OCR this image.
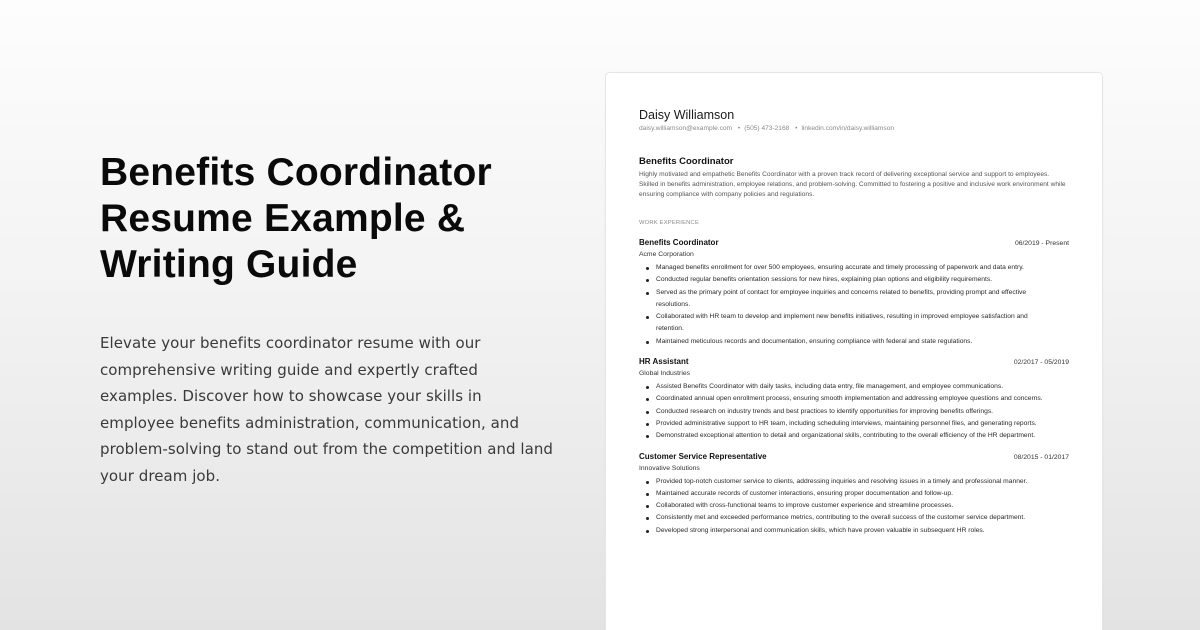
Benefits Coordinator
Resume Example &
Writing Guide

Elevate your benefits coordinator resume with our comprehensive writing guide and expertly crafted examples. Discover how to showcase your skills in employee benefits administration, communication, and problem-solving to stand out from the competition and land your dream job.

Daisy Williamson
daisy.williamson@example.com • (505) 473-2168 • linkedin.com/in/daisy.williamson
Benefits Coordinator

Highly motivated and empathetic Benefits Coordinator with a proven track record of delivering exceptional service and support to employees. Skilled in benefits administration, employee relations, and problem-solving. Committed to fostering a positive and inclusive work environment while ensuring compliance with company policies and regulations.

WORK EXPERIENCE
Benefits Coordinator	06/2019 - Present
Acme Corporation
Managed benefits enrollment for over 500 employees, ensuring accurate and timely processing of paperwork and data entry.
Conducted regular benefits orientation sessions for new hires, explaining plan options and eligibility requirements.
Served as the primary point of contact for employee inquiries and concerns related to benefits, providing prompt and effective resolutions.
Collaborated with HR team to develop and implement new benefits initiatives, resulting in improved employee satisfaction and retention.
Maintained meticulous records and documentation, ensuring compliance with federal and state regulations.
HR Assistant	02/2017 - 05/2019
Global Industries
Assisted Benefits Coordinator with daily tasks, including data entry, file management, and employee communications.
Coordinated annual open enrollment process, ensuring smooth implementation and addressing employee questions and concerns.
Conducted research on industry trends and best practices to identify opportunities for improving benefits offerings.
Provided administrative support to HR team, including scheduling interviews, maintaining personnel files, and generating reports.
Demonstrated exceptional attention to detail and organizational skills, contributing to the overall efficiency of the HR department.
Customer Service Representative	08/2015 - 01/2017
Innovative Solutions
Provided top-notch customer service to clients, addressing inquiries and resolving issues in a timely and professional manner.
Maintained accurate records of customer interactions, ensuring proper documentation and follow-up.
Collaborated with cross-functional teams to improve customer experience and streamline processes.
Consistently met and exceeded performance metrics, contributing to the overall success of the customer service department.
Developed strong interpersonal and communication skills, which have proven valuable in subsequent HR roles.
